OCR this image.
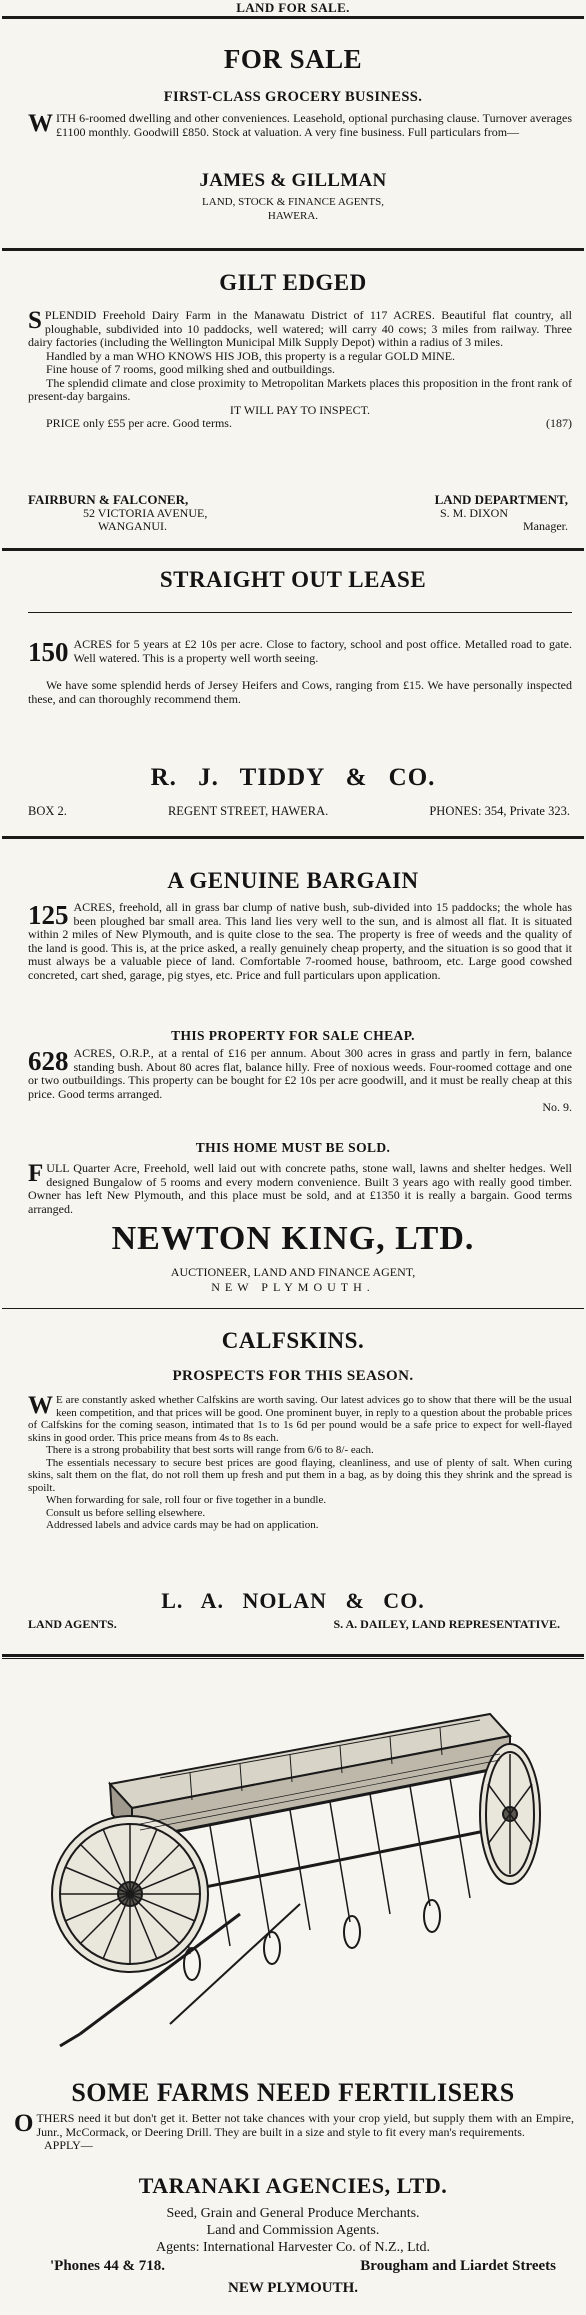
LAND FOR SALE.
FOR SALE
FIRST-CLASS GROCERY BUSINESS.
WITH 6-roomed dwelling and other conveniences. Leasehold, optional purchasing clause. Turnover averages £1100 monthly. Goodwill £850. Stock at valuation. A very fine business. Full particulars from—
JAMES & GILLMAN
LAND, STOCK & FINANCE AGENTS,
HAWERA.
GILT EDGED
SPLENDID Freehold Dairy Farm in the Manawatu District of 117 ACRES. Beautiful flat country, all ploughable, subdivided into 10 paddocks, well watered; will carry 40 cows; 3 miles from railway. Three dairy factories (including the Wellington Municipal Milk Supply Depot) within a radius of 3 miles.

Handled by a man WHO KNOWS HIS JOB, this property is a regular GOLD MINE.

Fine house of 7 rooms, good milking shed and outbuildings.

The splendid climate and close proximity to Metropolitan Markets places this proposition in the front rank of present-day bargains.

IT WILL PAY TO INSPECT.

PRICE only £55 per acre. Good terms.	(187)
FAIRBURN & FALCONER,	LAND DEPARTMENT,
52 VICTORIA AVENUE,	S. M. DIXON
WANGANUI.	Manager.
STRAIGHT OUT LEASE
150 ACRES for 5 years at £2 10s per acre. Close to factory, school and post office. Metalled road to gate. Well watered. This is a property well worth seeing.

We have some splendid herds of Jersey Heifers and Cows, ranging from £15. We have personally inspected these, and can thoroughly recommend them.

R. J. TIDDY & CO.
BOX 2.	REGENT STREET, HAWERA.	PHONES: 354, Private 323.
A GENUINE BARGAIN
125 ACRES, freehold, all in grass bar clump of native bush, sub-divided into 15 paddocks; the whole has been ploughed bar small area. This land lies very well to the sun, and is almost all flat. It is situated within 2 miles of New Plymouth, and is quite close to the sea. The property is free of weeds and the quality of the land is good. This is, at the price asked, a really genuinely cheap property, and the situation is so good that it must always be a valuable piece of land. Comfortable 7-roomed house, bathroom, etc. Large good cowshed concreted, cart shed, garage, pig styes, etc. Price and full particulars upon application.
THIS PROPERTY FOR SALE CHEAP.
628 ACRES, O.R.P., at a rental of £16 per annum. About 300 acres in grass and partly in fern, balance standing bush. About 80 acres flat, balance hilly. Free of noxious weeds. Four-roomed cottage and one or two outbuildings. This property can be bought for £2 10s per acre goodwill, and it must be really cheap at this price. Good terms arranged.
No. 9.
THIS HOME MUST BE SOLD.
FULL Quarter Acre, Freehold, well laid out with concrete paths, stone wall, lawns and shelter hedges. Well designed Bungalow of 5 rooms and every modern convenience. Built 3 years ago with really good timber. Owner has left New Plymouth, and this place must be sold, and at £1350 it is really a bargain. Good terms arranged.
NEWTON KING, LTD.
AUCTIONEER, LAND AND FINANCE AGENT,
NEW PLYMOUTH.
CALFSKINS.
PROSPECTS FOR THIS SEASON.
W E are constantly asked whether Calfskins are worth saving. Our latest advices go to show that there will be the usual keen competition, and that prices will be good. One prominent buyer, in reply to a question about the probable prices of Calfskins for the coming season, intimated that 1s to 1s 6d per pound would be a safe price to expect for well-flayed skins in good order. This price means from 4s to 8s each.

There is a strong probability that best sorts will range from 6/6 to 8/- each.

The essentials necessary to secure best prices are good flaying, cleanliness, and use of plenty of salt. When curing skins, salt them on the flat, do not roll them up fresh and put them in a bag, as by doing this they shrink and the spread is spoilt.

When forwarding for sale, roll four or five together in a bundle.

Consult us before selling elsewhere.

Addressed labels and advice cards may be had on application.

L. A. NOLAN & CO.
LAND AGENTS.	S. A. DAILEY, LAND REPRESENTATIVE.
SOME FARMS NEED FERTILISERS
OTHERS need it but don't get it. Better not take chances with your crop yield, but supply them with an Empire, Junr., McCormack, or Deering Drill. They are built in a size and style to fit every man's requirements.

APPLY—

TARANAKI AGENCIES, LTD.

Seed, Grain and General Produce Merchants.

Land and Commission Agents.

Agents: International Harvester Co. of N.Z., Ltd.

'Phones 44 & 718.	Brougham and Liardet Streets
NEW PLYMOUTH.
